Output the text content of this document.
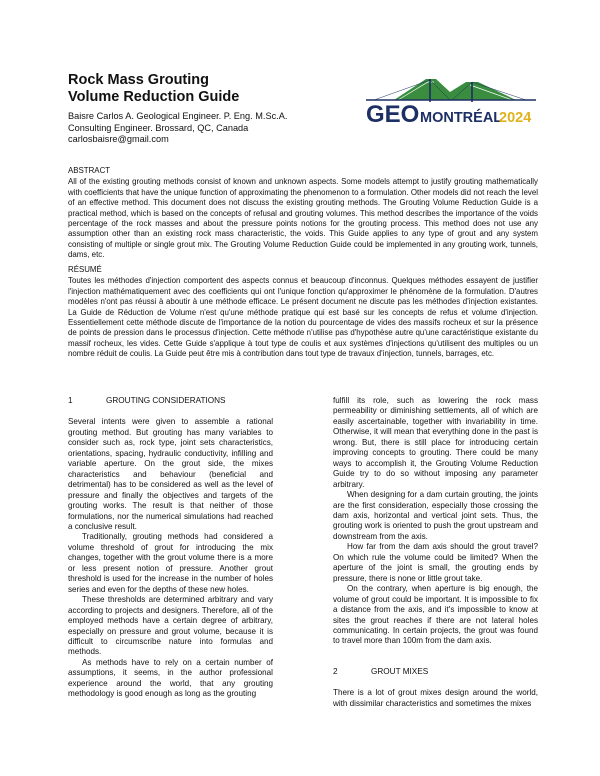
Rock Mass Grouting
Volume Reduction Guide
Baisre Carlos A. Geological Engineer. P. Eng. M.Sc.A.
Consulting Engineer. Brossard, QC, Canada
carlosbaisre@gmail.com
GEO MONTRÉAL
2024
ABSTRACT

All of the existing grouting methods consist of known and unknown aspects. Some models attempt to justify grouting mathematically with coefficients that have the unique function of approximating the phenomenon to a formulation. Other models did not reach the level of an effective method. This document does not discuss the existing grouting methods. The Grouting Volume Reduction Guide is a practical method, which is based on the concepts of refusal and grouting volumes. This method describes the importance of the voids percentage of the rock masses and about the pressure points notions for the grouting process. This method does not use any assumption other than an existing rock mass characteristic, the voids. This Guide applies to any type of grout and any system consisting of multiple or single grout mix. The Grouting Volume Reduction Guide could be implemented in any grouting work, tunnels, dams, etc.

RÉSUMÉ

Toutes les méthodes d'injection comportent des aspects connus et beaucoup d'inconnus. Quelques méthodes essayent de justifier l'injection mathématiquement avec des coefficients qui ont l'unique fonction qu'approximer le phénomène de la formulation. D'autres modèles n'ont pas réussi à aboutir à une méthode efficace. Le présent document ne discute pas les méthodes d'injection existantes. La Guide de Réduction de Volume n'est qu'une méthode pratique qui est basé sur les concepts de refus et volume d'injection. Essentiellement cette méthode discute de l'importance de la notion du pourcentage de vides des massifs rocheux et sur la présence de points de pression dans le processus d'injection. Cette méthode n'utilise pas d'hypothèse autre qu'une caractéristique existante du massif rocheux, les vides. Cette Guide s'applique à tout type de coulis et aux systèmes d'injections qu'utilisent des multiples ou un nombre réduit de coulis. La Guide peut être mis à contribution dans tout type de travaux d'injection, tunnels, barrages, etc.

1	GROUTING CONSIDERATIONS

Several intents were given to assemble a rational grouting method. But grouting has many variables to consider such as, rock type, joint sets characteristics, orientations, spacing, hydraulic conductivity, infilling and variable aperture. On the grout side, the mixes characteristics and behaviour (beneficial and detrimental) has to be considered as well as the level of pressure and finally the objectives and targets of the grouting works. The result is that neither of those formulations, nor the numerical simulations had reached a conclusive result.

Traditionally, grouting methods had considered a volume threshold of grout for introducing the mix changes, together with the grout volume there is a more or less present notion of pressure. Another grout threshold is used for the increase in the number of holes series and even for the depths of these new holes.

These thresholds are determined arbitrary and vary according to projects and designers. Therefore, all of the employed methods have a certain degree of arbitrary, especially on pressure and grout volume, because it is difficult to circumscribe nature into formulas and methods.

As methods have to rely on a certain number of assumptions, it seems, in the author professional experience around the world, that any grouting methodology is good enough as long as the grouting

fulfill its role, such as lowering the rock mass permeability or diminishing settlements, all of which are easily ascertainable, together with invariability in time. Otherwise, it will mean that everything done in the past is wrong. But, there is still place for introducing certain improving concepts to grouting. There could be many ways to accomplish it, the Grouting Volume Reduction Guide try to do so without imposing any parameter arbitrary.

When designing for a dam curtain grouting, the joints are the first consideration, especially those crossing the dam axis, horizontal and vertical joint sets. Thus, the grouting work is oriented to push the grout upstream and downstream from the axis.

How far from the dam axis should the grout travel? On which rule the volume could be limited? When the aperture of the joint is small, the grouting ends by pressure, there is none or little grout take.

On the contrary, when aperture is big enough, the volume of grout could be important. It is impossible to fix a distance from the axis, and it's impossible to know at sites the grout reaches if there are not lateral holes communicating. In certain projects, the grout was found to travel more than 100m from the dam axis.

2	GROUT MIXES

There is a lot of grout mixes design around the world, with dissimilar characteristics and sometimes the mixes
